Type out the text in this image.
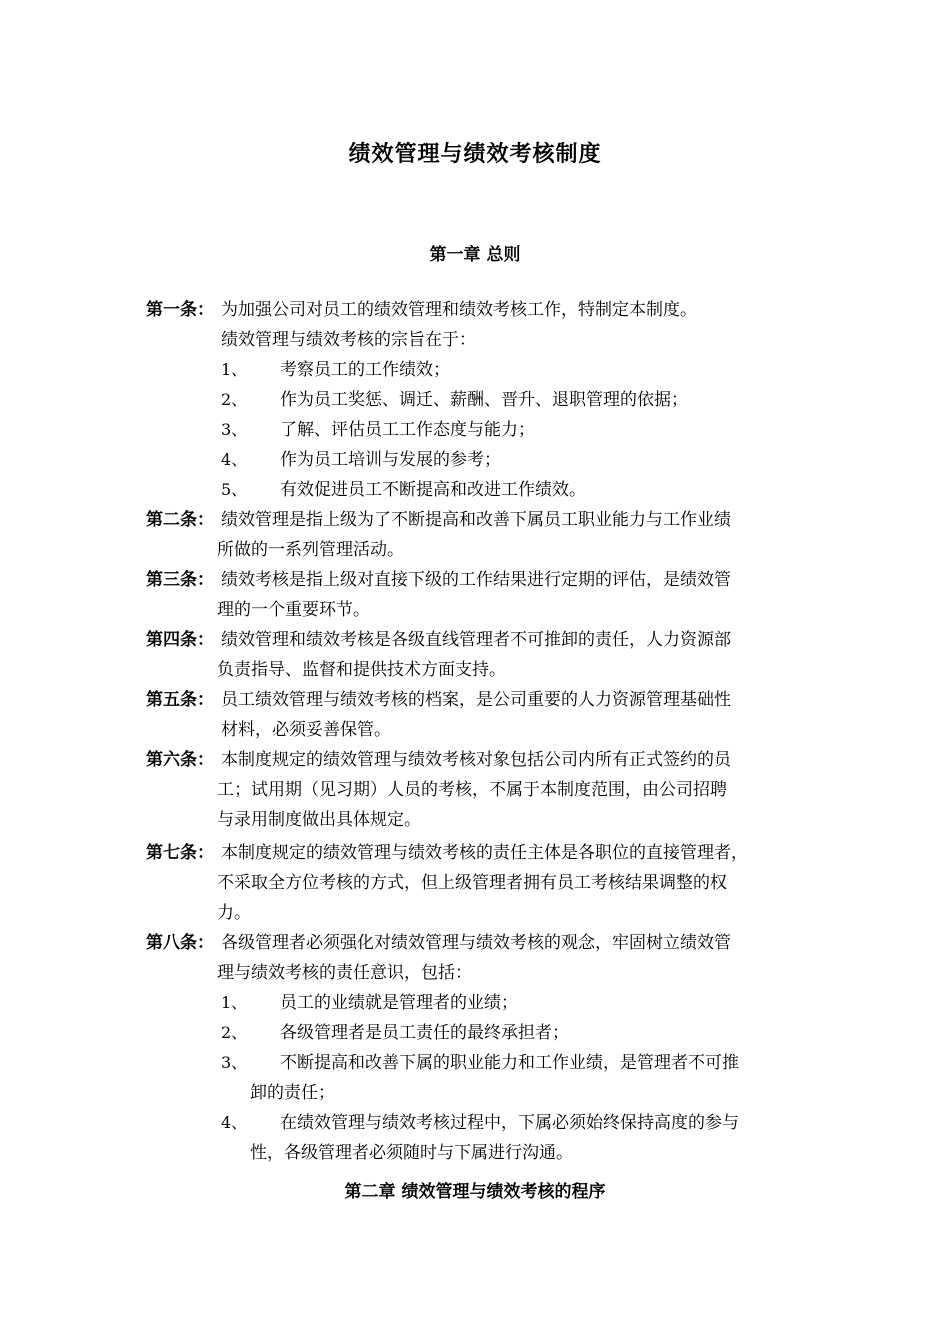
绩效管理与绩效考核制度
第一章 总则
第一条： 为加强公司对员工的绩效管理和绩效考核工作，特制定本制度。
绩效管理与绩效考核的宗旨在于：
1、 考察员工的工作绩效；
2、 作为员工奖惩、调迁、薪酬、晋升、退职管理的依据；
3、 了解、评估员工工作态度与能力；
4、 作为员工培训与发展的参考；
5、 有效促进员工不断提高和改进工作绩效。
第二条： 绩效管理是指上级为了不断提高和改善下属员工职业能力与工作业绩
所做的一系列管理活动。
第三条： 绩效考核是指上级对直接下级的工作结果进行定期的评估，是绩效管
理的一个重要环节。
第四条： 绩效管理和绩效考核是各级直线管理者不可推卸的责任，人力资源部
负责指导、监督和提供技术方面支持。
第五条： 员工绩效管理与绩效考核的档案，是公司重要的人力资源管理基础性
材料，必须妥善保管。
第六条： 本制度规定的绩效管理与绩效考核对象包括公司内所有正式签约的员
工；试用期（见习期）人员的考核，不属于本制度范围，由公司招聘
与录用制度做出具体规定。
第七条： 本制度规定的绩效管理与绩效考核的责任主体是各职位的直接管理者，
不采取全方位考核的方式，但上级管理者拥有员工考核结果调整的权
力。
第八条： 各级管理者必须强化对绩效管理与绩效考核的观念，牢固树立绩效管
理与绩效考核的责任意识，包括：
1、 员工的业绩就是管理者的业绩；
2、 各级管理者是员工责任的最终承担者；
3、 不断提高和改善下属的职业能力和工作业绩，是管理者不可推
卸的责任；
4、 在绩效管理与绩效考核过程中，下属必须始终保持高度的参与
性，各级管理者必须随时与下属进行沟通。
第二章 绩效管理与绩效考核的程序
